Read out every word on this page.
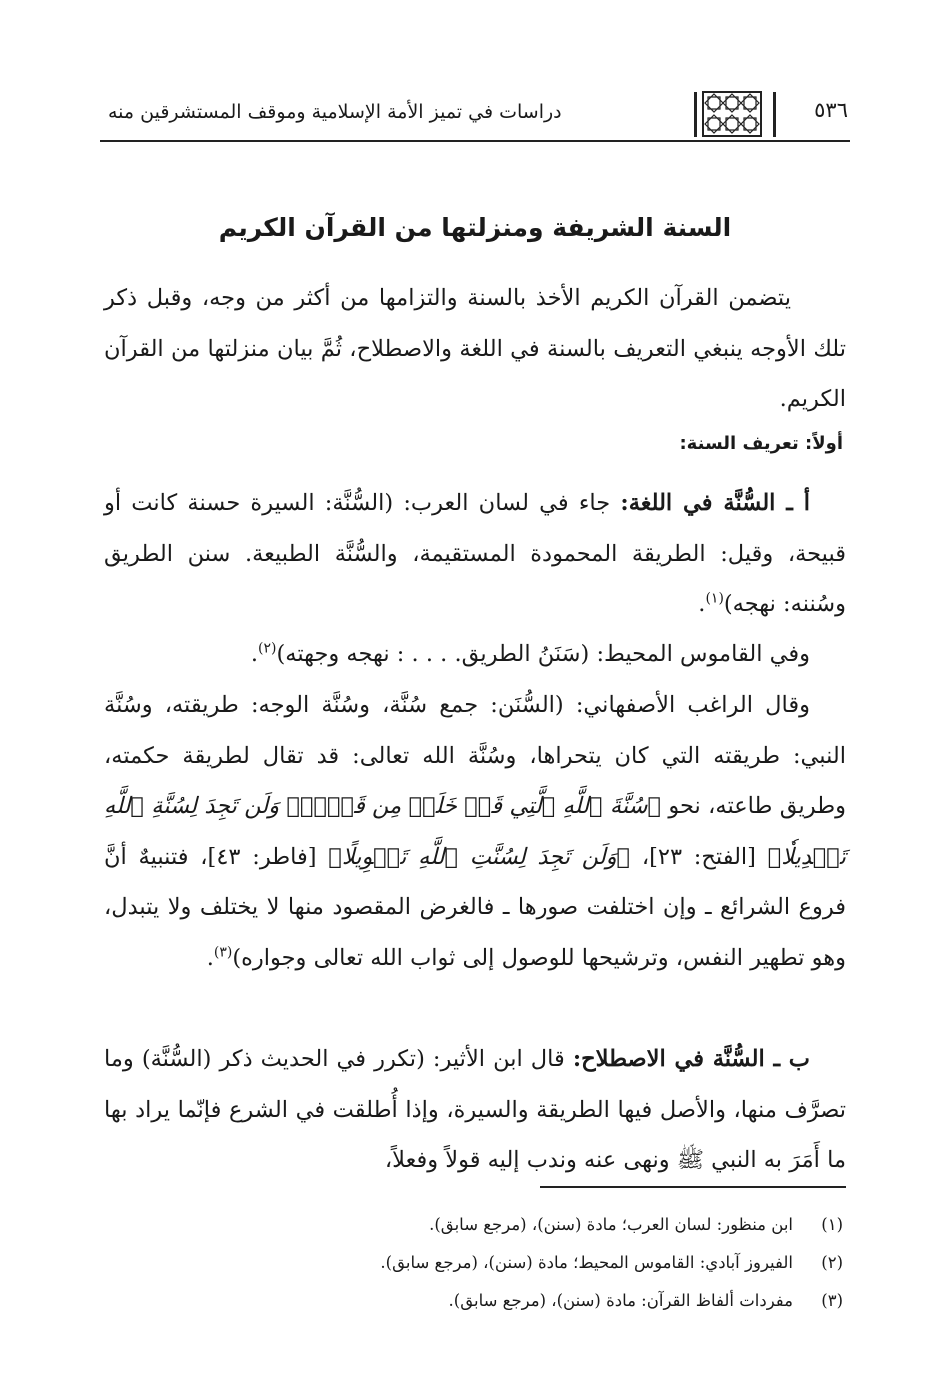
٥٣٦
دراسات في تميز الأمة الإسلامية وموقف المستشرقين منه
السنة الشريفة ومنزلتها من القرآن الكريم

يتضمن القرآن الكريم الأخذ بالسنة والتزامها من أكثر من وجه، وقبل ذكر تلك الأوجه ينبغي التعريف بالسنة في اللغة والاصطلاح، ثُمَّ بيان منزلتها من القرآن الكريم.

أولاً: تعريف السنة:

أ ـ السُّنَّة في اللغة: جاء في لسان العرب: (السُّنَّة: السيرة حسنة كانت أو قبيحة، وقيل: الطريقة المحمودة المستقيمة، والسُّنَّة الطبيعة. سنن الطريق وسُننه: نهجه)$^{(١)}$.

وفي القاموس المحيط: (سَنَنُ الطريق. . . . : نهجه وجهته)$^{(٢)}$.

وقال الراغب الأصفهاني: (السُّنَن: جمع سُنَّة، وسُنَّة الوجه: طريقته، وسُنَّة النبي: طريقته التي كان يتحراها، وسُنَّة الله تعالى: قد تقال لطريقة حكمته، وطريق طاعته، نحو ﴿سُنَّةَ ٱللَّهِ ٱلَّتِي قَدۡ خَلَتۡ مِن قَبۡلُۖ وَلَن تَجِدَ لِسُنَّةِ ٱللَّهِ تَبۡدِيلٗا﴾ [الفتح: ٢٣]، ﴿وَلَن تَجِدَ لِسُنَّتِ ٱللَّهِ تَحۡوِيلًا﴾ [فاطر: ٤٣]، فتنبيهٌ أنَّ فروع الشرائع ـ وإن اختلفت صورها ـ فالغرض المقصود منها لا يختلف ولا يتبدل، وهو تطهير النفس، وترشيحها للوصول إلى ثواب الله تعالى وجواره)$^{(٣)}$.

ب ـ السُّنَّة في الاصطلاح: قال ابن الأثير: (تكرر في الحديث ذكر (السُّنَّة) وما تصرَّف منها، والأصل فيها الطريقة والسيرة، وإذا أُطلقت في الشرع فإنّما يراد بها ما أَمَرَ به النبي ﷺ ونهى عنه وندب إليه قولاً وفعلاً،

(١)ابن منظور: لسان العرب؛ مادة (سنن)، (مرجع سابق).
(٢)الفيروز آبادي: القاموس المحيط؛ مادة (سنن)، (مرجع سابق).
(٣)مفردات ألفاظ القرآن: مادة (سنن)، (مرجع سابق).
